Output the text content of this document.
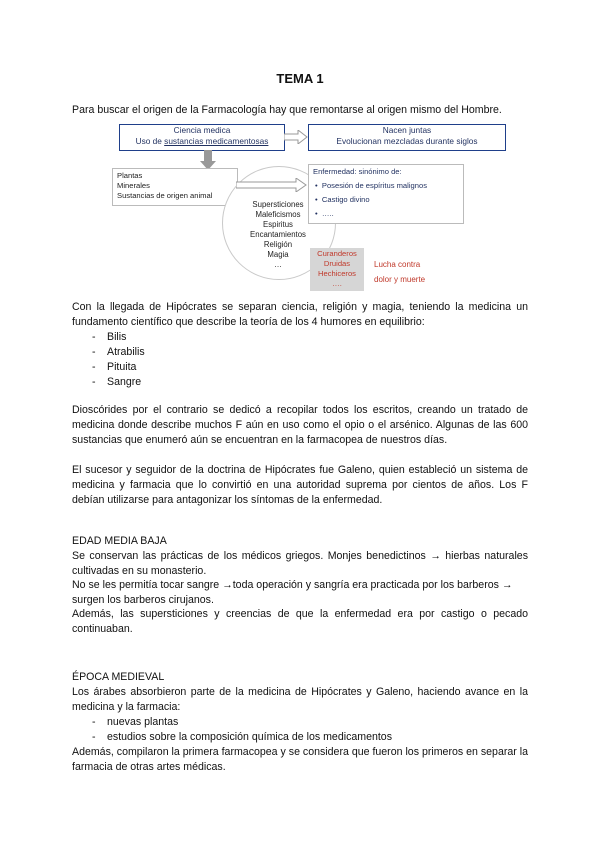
TEMA 1
Para buscar el origen de la Farmacología hay que remontarse al origen mismo del Hombre.
Ciencia medica
Uso de sustancias medicamentosas
Nacen juntas
Evolucionan mezcladas durante siglos
Plantas
Minerales
Sustancias de origen animal
Supersticiones
Maleficismos
Espiritus
Encantamientos
Religión
Magia
…
Enfermedad: sinónimo de:
•  Posesión de espíritus malignos
•  Castigo divino
•  …..
Curanderos
Druidas
Hechiceros
….
Lucha contra
dolor y muerte
Con la llegada de Hipócrates se separan ciencia, religión y magia, teniendo la medicina un fundamento científico que describe la teoría de los 4 humores en equilibrio:
- Bilis
- Atrabilis
- Pituita
- Sangre
Dioscórides por el contrario se dedicó a recopilar todos los escritos, creando un tratado de medicina donde describe muchos F aún en uso como el opio o el arsénico. Algunas de las 600 sustancias que enumeró aún se encuentran en la farmacopea de nuestros días.
El sucesor y seguidor de la doctrina de Hipócrates fue Galeno, quien estableció un sistema de medicina y farmacia que lo convirtió en una autoridad suprema por cientos de años. Los F debían utilizarse para antagonizar los síntomas de la enfermedad.
EDAD MEDIA BAJA
Se conservan las prácticas de los médicos griegos. Monjes benedictinos → hierbas naturales cultivadas en su monasterio.
No se les permitía tocar sangre →toda operación y sangría era practicada por los barberos → surgen los barberos cirujanos.
Además, las supersticiones y creencias de que la enfermedad era por castigo o pecado continuaban.
ÉPOCA MEDIEVAL
Los árabes absorbieron parte de la medicina de Hipócrates y Galeno, haciendo avance en la medicina y la farmacia:
- nuevas plantas
- estudios sobre la composición química de los medicamentos
Además, compilaron la primera farmacopea y se considera que fueron los primeros en separar la farmacia de otras artes médicas.
